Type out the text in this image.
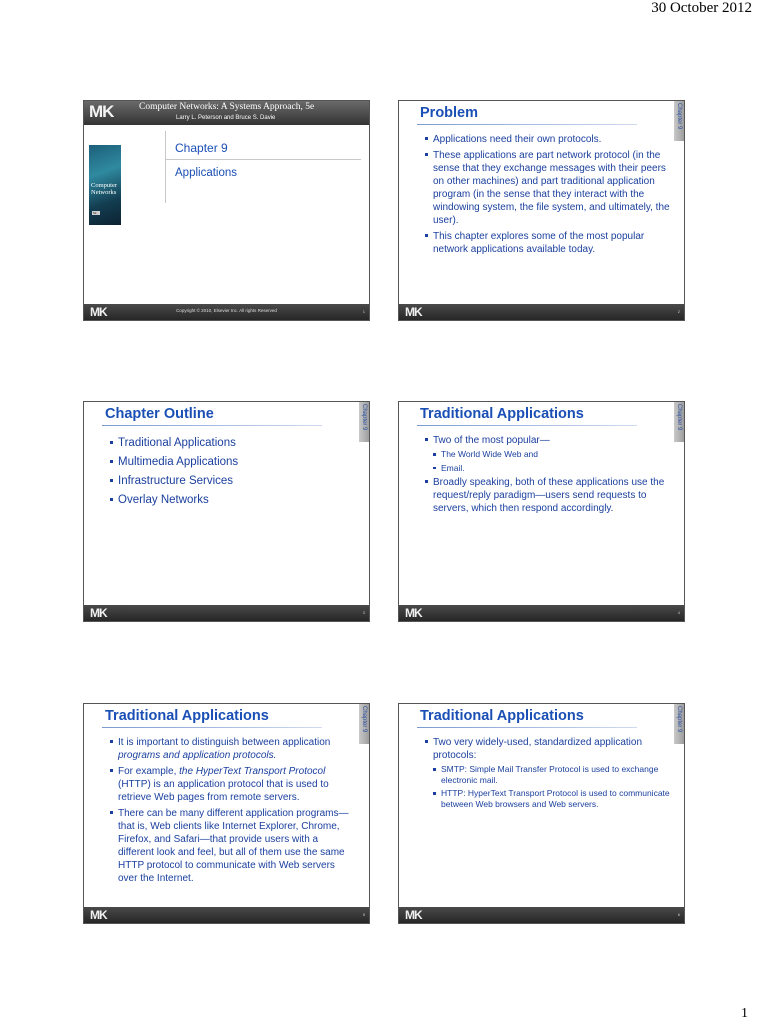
30 October 2012
MK	Computer Networks: A Systems Approach, 5e
Larry L. Peterson and Bruce S. Davie
Computer Networks
5E
Chapter 9
Applications
MK	Copyright © 2010, Elsevier Inc. All rights Reserved	1
Problem	Chapter 9
Applications need their own protocols.
These applications are part network protocol (in the sense that they exchange messages with their peers on other machines) and part traditional application program (in the sense that they interact with the windowing system, the file system, and ultimately, the user).
This chapter explores some of the most popular network applications available today.
MK	2
Chapter Outline	Chapter 9
Traditional Applications
Multimedia Applications
Infrastructure Services
Overlay Networks
MK	3
Traditional Applications	Chapter 9
Two of the most popular—
The World Wide Web and
Email.
Broadly speaking, both of these applications use the request/reply paradigm—users send requests to servers, which then respond accordingly.
MK	4
Traditional Applications	Chapter 9
It is important to distinguish between application programs and application protocols.
For example, the HyperText Transport Protocol (HTTP) is an application protocol that is used to retrieve Web pages from remote servers.
There can be many different application programs—that is, Web clients like Internet Explorer, Chrome, Firefox, and Safari—that provide users with a different look and feel, but all of them use the same HTTP protocol to communicate with Web servers over the Internet.
MK	5
Traditional Applications	Chapter 9
Two very widely-used, standardized application protocols:
SMTP: Simple Mail Transfer Protocol is used to exchange electronic mail.
HTTP: HyperText Transport Protocol is used to communicate between Web browsers and Web servers.
MK	6
1
